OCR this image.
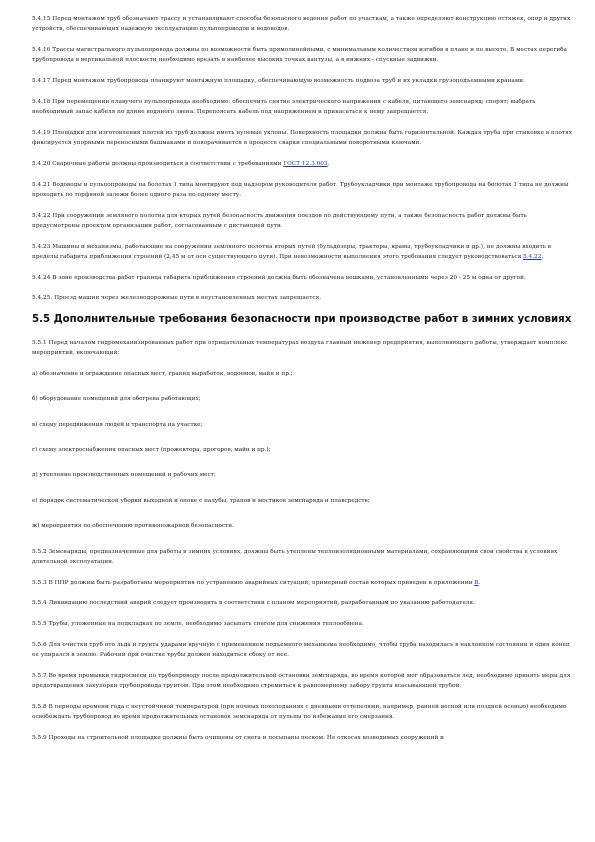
5.4.15 Перед монтажом труб обозначают трассу и устанавливают способы безопасного ведения работ по участкам, а также определяют конструкцию оттяжек, опор и других устройств, обеспечивающих надежную эксплуатацию пульпопроводов и водоводов.
5.4.16 Трассы магистрального пульпопровода должны по возможности быть прямолинейными, с минимальным количеством изгибов в плане и по высоте. В местах перегиба трубопровода в вертикальной плоскости необходимо врезать в наиболее высоких точках вантузы, а в нижних - спускные задвижки.
5.4.17 Перед монтажом трубопровода планируют монтажную площадку, обеспечивающую возможность подвоза труб и их укладки грузоподъемными кранами.
5.4.18 При перемещении плавучего пульпопровода необходимо: обеспечить снятие электрического напряжения с кабеля, питающего земснаряд; спорят; выбрать необходимый запас кабеля по длине водяного звена. Перепоясать кабель под напряжением и прикасаться к нему запрещается.
5.4.19 Площадки для изготовления плотей из труб должны иметь нулевые уклоны. Поверхность площадки должна быть горизонтальной. Каждая труба при стыковке в плотях фиксируется упорными переносными башмаками и поворачивается в процессе сварки специальными поворотными ключами.
5.4.20 Сварочные работы должны производиться в соответствии с требованиями ГОСТ 12.3.003.
5.4.21 Водоводы и пульпопроводы на болотах 1 типа монтируют под надзором руководителя работ. Трубоукладчики при монтаже трубопровода на болотах 1 типа не должны проходить по торфяной залежи более одного раза по одному месту.
5.4.22 При сооружении земляного полотна для вторых путей безопасность движения поездов по действующему пути, а также безопасность работ должны быть предусмотрены проектом организации работ, согласованным с дистанцией пути.
5.4.23 Машины и механизмы, работающие на сооружении земляного полотна вторых путей (бульдозеры, тракторы, краны, трубоукладчики и др.), не должны входить в пределы габарита приближения строений (2,45 м от оси существующего пути). При невозможности выполнения этого требования следует руководствоваться 5.4.22.
5.4.24 В зоне производства работ граница габарита приближения строений должна быть обозначена вешками, установленными через 20 - 25 м одна от другой.
5.4.25. Проезд машин через железнодорожные пути в неустановленных местах запрещается.
5.5 Дополнительные требования безопасности при производстве работ в зимних условиях
5.5.1 Перед началом гидромеханизированных работ при отрицательных температурах воздуха главный инженер предприятия, выполняющего работы, утверждает комплекс мероприятий, включающий:
а) обозначение и ограждение опасных мест, границ выработок, водоемов, майн и пр.;
б) оборудование помещений для обогрева работающих;
в) схему передвижения людей и транспорта на участке;
г) схему электроснабжения опасных мест (прожектора, прогоров, майн и пр.);
д) утепление производственных помещений и рабочих мест;
е) порядок систематической уборки выходной и опоке с палубы, трапов и мостиков земснаряда и плавсредств;
ж) мероприятия по обеспечению противопожарной безопасности.
5.5.2 Земснаряды, предназначенные для работы в зимних условиях, должны быть утеплены теплоизоляционными материалами, сохраняющими свои свойства в условиях длительной эксплуатации.
5.5.3 В ППР должны быть разработаны мероприятия по устранению аварийных ситуаций, примерный состав которых приведен в приложении В.
5.5.4 Ликвидацию последствий аварий следует производить в соответствии с планом мероприятий, разработанным по указанию работодателя.
5.5.5 Трубы, уложенные на подкладках по земле, необходимо засыпать снегом для снижения теплообмена.
5.5.6 Для очистки труб ото льда и грунта ударами вручную с применением подъемного механизма необходимо, чтобы труба находилась в наклонном состоянии и один конец ее упирался в землю. Рабочий при очистке трубы должен находиться сбоку от нее.
5.5.7 Во время промывки гидросмеси по трубопроводу после продолжительной остановки земснаряда, во время которой мог образоваться лед, необходимо принять меры для предотвращения закупорки трубопровода грунтом. При этом необходимо стремиться к равномерному забору грунта всасывающей трубой.
5.5.8 В периоды времени года с неустойчивой температурой (при ночных похолоданиях с дневными оттепелями, например, ранней весной или поздней осенью) необходимо освобождать трубопровод во время продолжительных остановок земснаряда от пульпы по избежание его смерзания.
5.5.9 Проходы на строительной площадке должны быть очищены от снега и посыпаны песком. Не откосах возводимых сооружений и
